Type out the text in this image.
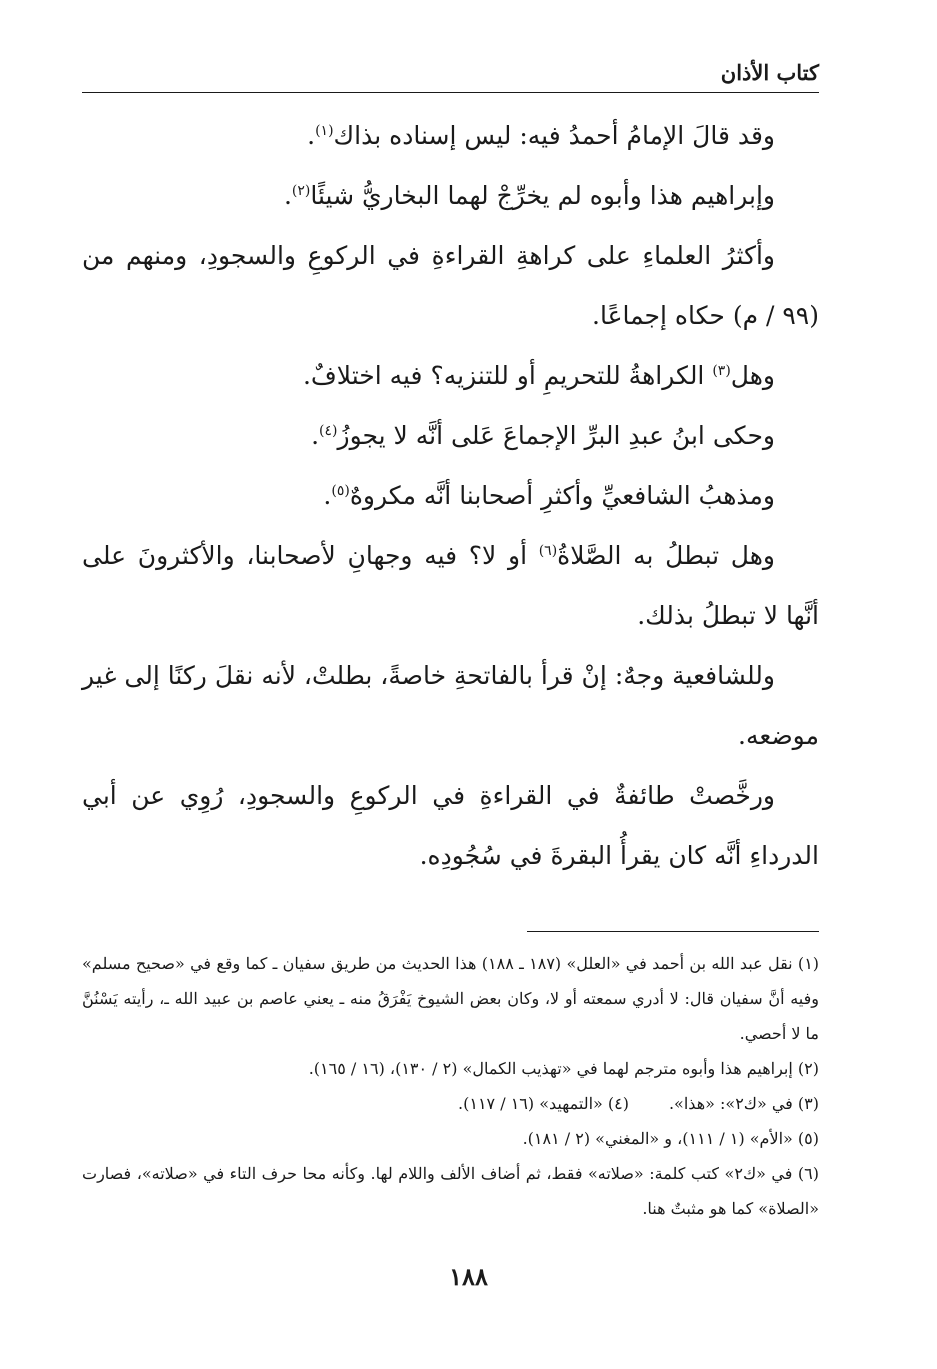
كتاب الأذان

وقد قالَ الإمامُ أحمدُ فيه: ليس إسناده بذاك$^{(١)}$.

وإبراهيم هذا وأبوه لم يخرِّجْ لهما البخاريُّ شيئًا$^{(٢)}$.

وأكثرُ العلماءِ على كراهةِ القراءةِ في الركوعِ والسجودِ، ومنهم من (٩٩ / م) حكاه إجماعًا.

وهل$^{(٣)}$ الكراهةُ للتحريمِ أو للتنزيه؟ فيه اختلافٌ.

وحكى ابنُ عبدِ البرِّ الإجماعَ عَلى أنَّه لا يجوزُ$^{(٤)}$.

ومذهبُ الشافعيِّ وأكثرِ أصحابنا أنَّه مكروهٌ$^{(٥)}$.

وهل تبطلُ به الصَّلاةُ$^{(٦)}$ أو لا؟ فيه وجهانِ لأصحابنا، والأكثرونَ على أنَّها لا تبطلُ بذلك.

وللشافعية وجهٌ: إنْ قرأ بالفاتحةِ خاصةً، بطلتْ، لأنه نقلَ ركنًا إلى غير موضعه.

ورخَّصتْ طائفةٌ في القراءةِ في الركوعِ والسجودِ، رُوِي عن أبي الدرداءِ أنَّه كان يقرأُ البقرةَ في سُجُودِه.

(١) نقل عبد الله بن أحمد في «العلل» (١٨٧ ـ ١٨٨) هذا الحديث من طريق سفيان ـ كما وقع في «صحيح مسلم» وفيه أنَّ سفيان قال: لا أدري سمعته أو لا، وكان بعض الشيوخ يَفْرَقُ منه ـ يعني عاصم بن عبيد الله ـ، رأيته يَسْنُنَّ ما لا أحصي.

(٢) إبراهيم هذا وأبوه مترجم لهما في «تهذيب الكمال» (٢ / ١٣٠)، (١٦ / ١٦٥).

(٣) في «ك٢»: «هذا».

(٤) «التمهيد» (١٦ / ١١٧).

(٥) «الأم» (١ / ١١١)، و «المغني» (٢ / ١٨١).

(٦) في «ك٢» كتب كلمة: «صلاته» فقط، ثم أضاف الألف واللام لها. وكأنه محا حرف التاء في «صلاته»، فصارت «الصلاة» كما هو مثبتٌ هنا.

١٨٨
